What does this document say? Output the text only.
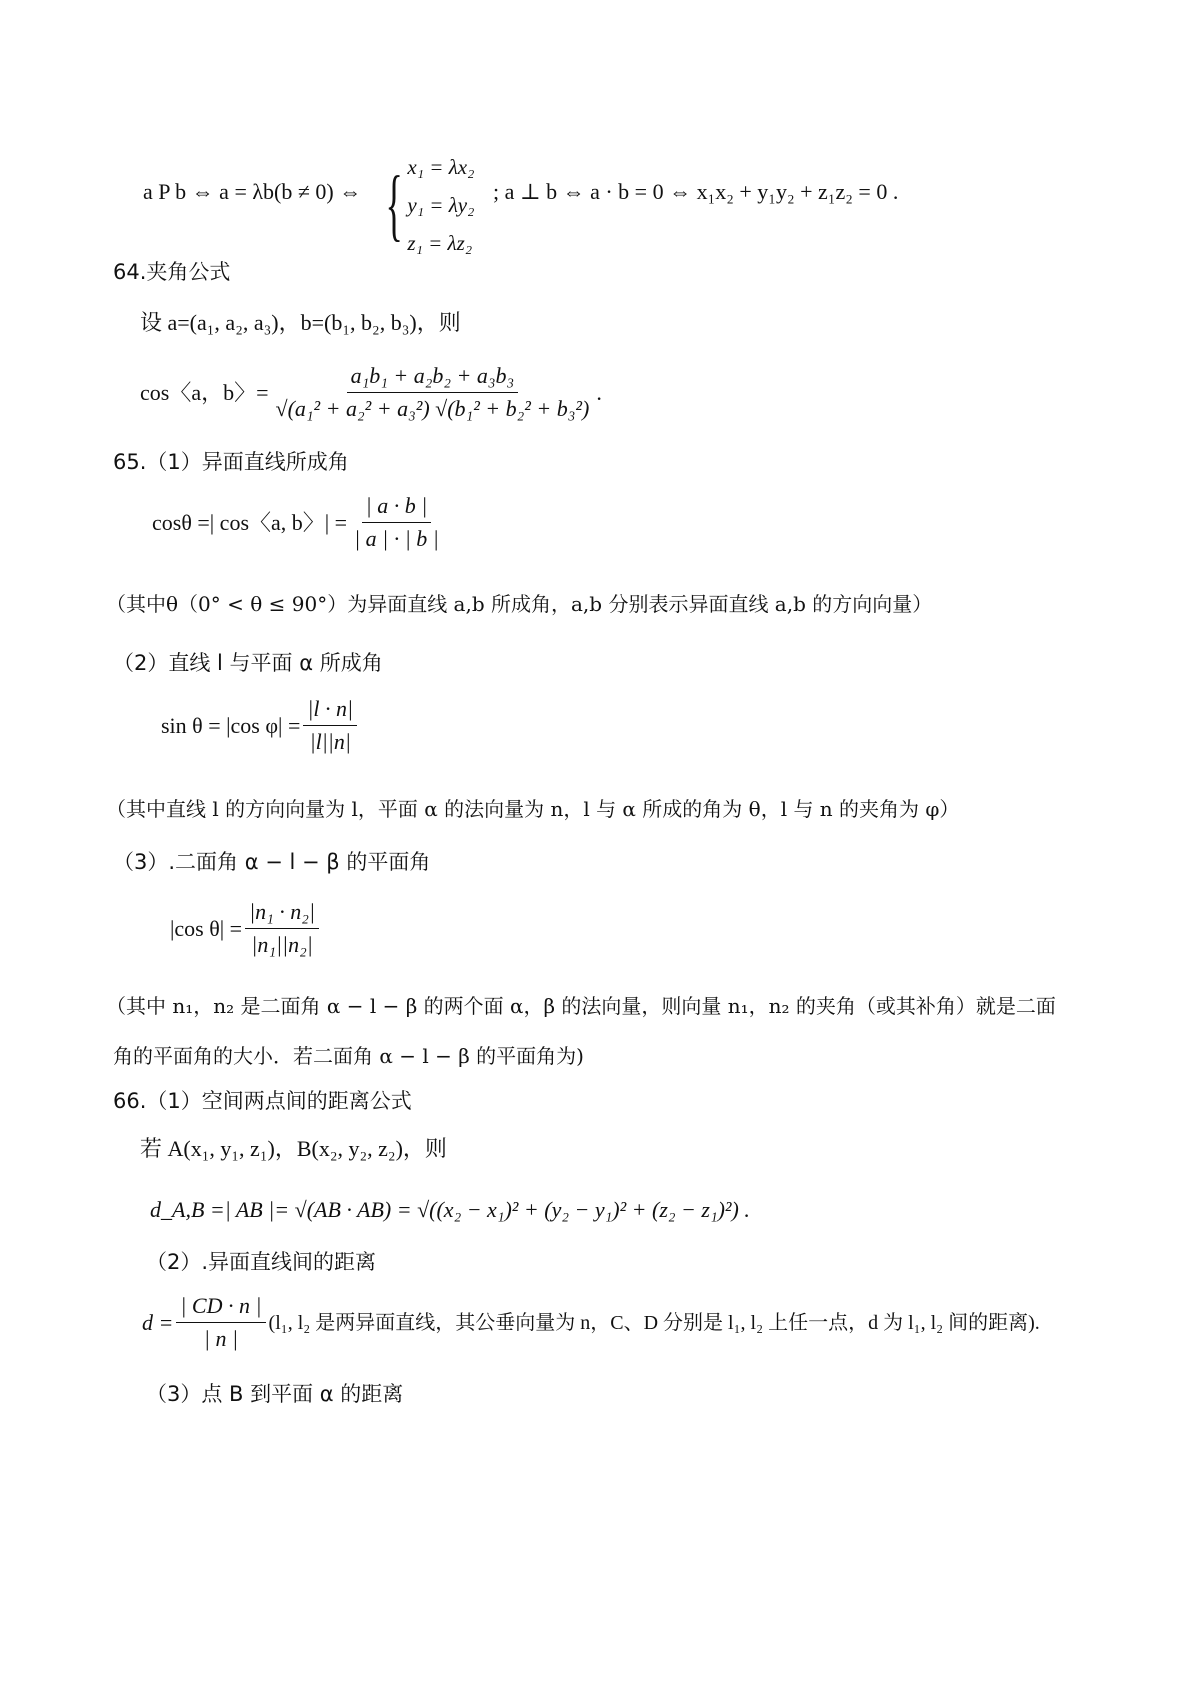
a P b ⇔ a = λb(b ≠ 0) ⇔ { x₁ = λx₂
y₁ = λy₂
z₁ = λz₂
; a ⊥ b ⇔ a · b = 0 ⇔ x₁x₂ + y₁y₂ + z₁z₂ = 0 .
64.夹角公式
设 a=(a₁, a₂, a₃)，b=(b₁, b₂, b₃)，则
cos〈a，b〉= $\frac{\text{a₁b₁ + a₂b₂ + a₃b₃}}{\text{√(a₁² + a₂² + a₃²) √(b₁² + b₂² + b₃²)}}$ .
65.（1）异面直线所成角
cosθ =| cos〈a, b〉| = $\frac{| a \cdot b |}{| a | \cdot | b |}$
（其中θ（0° < θ ≤ 90°）为异面直线 a,b 所成角，a,b 分别表示异面直线 a,b 的方向向量）
（2）直线 l 与平面 α 所成角
sin θ = |cos $\varphi| = \frac{|l \cdot n|}{|l||n|}$
（其中直线 l 的方向向量为 l，平面 α 的法向量为 n，l 与 α 所成的角为 θ，l 与 n 的夹角为 φ）
（3）.二面角 α − l − β 的平面角
|cos $\theta| = \frac{\text{|n₁ · n₂|}}{\text{|n₁||n₂|}}$
（其中 n₁，n₂ 是二面角 α − l − β 的两个面 α，β 的法向量，则向量 n₁，n₂ 的夹角（或其补角）就是二面
角的平面角的大小．若二面角 α − l − β 的平面角为)
66.（1）空间两点间的距离公式
若 A(x₁, y₁, z₁)，B(x₂, y₂, z₂)，则
d_A,B =| AB |= √(AB · AB) = √((x₂ − x₁)² + (y₂ − y₁)² + (z₂ − z₁)²) .
（2）.异面直线间的距离
$d = \frac{| CD \cdot n |}{| n |} (l_1$, l₂ 是两异面直线，其公垂向量为 n，C、D 分别是 l₁, l₂ 上任一点，d 为 l₁, l₂ 间的距离).
（3）点 B 到平面 α 的距离
